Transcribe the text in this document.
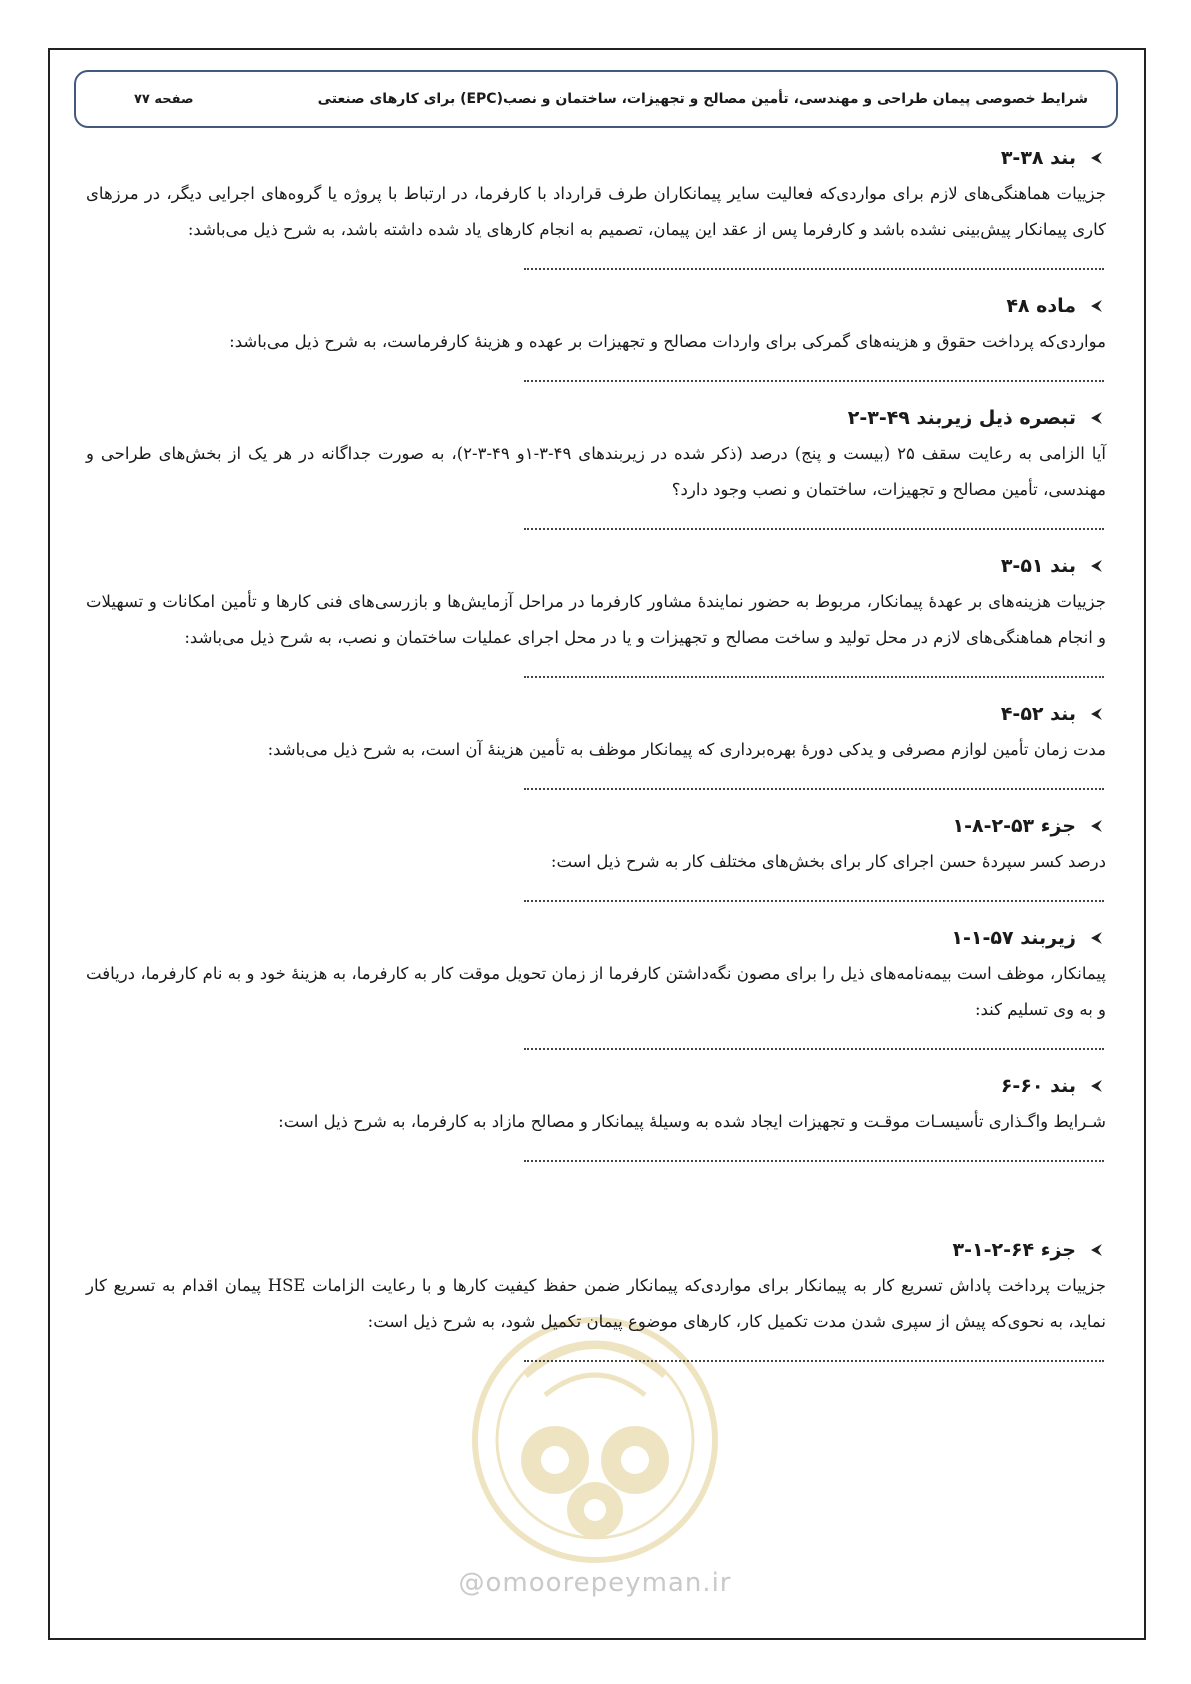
شرایط خصوصی پیمان طراحی و مهندسی، تأمین مصالح و تجهیزات، ساختمان و نصب(EPC) برای کارهای صنعتی
صفحه ۷۷
بند ۳۸-۳
جزییات هماهنگی‌های لازم برای مواردی‌که فعالیت سایر پیمانکاران طرف قرارداد با کارفرما، در ارتباط با پروژه یا گروه‌های اجرایی دیگر، در مرزهای کاری پیمانکار پیش‌بینی نشده باشد و کارفرما پس از عقد این پیمان، تصمیم به انجام کارهای یاد شده داشته باشد، به شرح ذیل می‌باشد:
ماده ۴۸
مواردی‌که پرداخت حقوق و هزینه‌های گمرکی برای واردات مصالح و تجهیزات بر عهده و هزینهٔ کارفرماست، به شرح ذیل می‌باشد:
تبصره ذیل زیربند ۴۹-۳-۲
آیا الزامی به رعایت سقف ۲۵ (بیست و پنج) درصد (ذکر شده در زیربندهای ۴۹-۳-۱و ۴۹-۳-۲)، به صورت جداگانه در هر یک از بخش‌های طراحی و مهندسی، تأمین مصالح و تجهیزات، ساختمان و نصب وجود دارد؟
بند ۵۱-۳
جزییات هزینه‌های بر عهدهٔ پیمانکار، مربوط به حضور نمایندهٔ مشاور کارفرما در مراحل آزمایش‌ها و بازرسی‌های فنی کارها و تأمین امکانات و تسهیلات و انجام هماهنگی‌های لازم در محل تولید و ساخت مصالح و تجهیزات و یا در محل اجرای عملیات ساختمان و نصب، به شرح ذیل می‌باشد:
بند ۵۲-۴
مدت زمان تأمین لوازم مصرفی و یدکی دورهٔ بهره‌برداری که پیمانکار موظف به تأمین هزینهٔ آن است، به شرح ذیل می‌باشد:
جزء ۵۳-۲-۸-۱
درصد کسر سپردهٔ حسن اجرای کار برای بخش‌های مختلف کار به شرح ذیل است:
زیربند ۵۷-۱-۱
پیمانکار، موظف است بیمه‌نامه‌های ذیل را برای مصون نگه‌داشتن کارفرما از زمان تحویل موقت کار به کارفرما، به هزینهٔ خود و به نام کارفرما، دریافت و به وی تسلیم کند:
بند ۶۰-۶
شـرایط واگـذاری تأسیسـات موقـت و تجهیزات ایجاد شده به وسیلهٔ پیمانکار و مصالح مازاد به کارفرما، به شرح ذیل است:
جزء ۶۴-۲-۱-۳
جزییات پرداخت پاداش تسریع کار به پیمانکار برای مواردی‌که پیمانکار ضمن حفظ کیفیت کارها و با رعایت الزامات HSE پیمان اقدام به تسریع کار نماید، به نحوی‌که پیش از سپری شدن مدت تکمیل کار، کارهای موضوع پیمان تکمیل شود، به شرح ذیل است:
@omoorepeyman.ir
